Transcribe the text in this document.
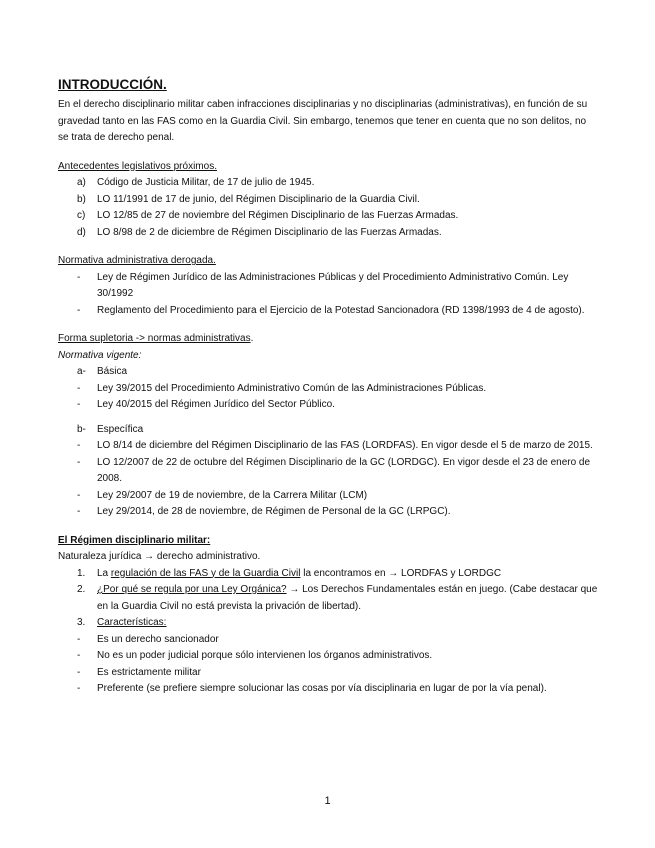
INTRODUCCIÓN.

En el derecho disciplinario militar caben infracciones disciplinarias y no disciplinarias (administrativas), en función de su gravedad tanto en las FAS como en la Guardia Civil. Sin embargo, tenemos que tener en cuenta que no son delitos, no se trata de derecho penal.

Antecedentes legislativos próximos.

a)	Código de Justicia Militar, de 17 de julio de 1945.
b)	LO 11/1991 de 17 de junio, del Régimen Disciplinario de la Guardia Civil.
c)	LO 12/85 de 27 de noviembre del Régimen Disciplinario de las Fuerzas Armadas.
d)	LO 8/98 de 2 de diciembre de Régimen Disciplinario de las Fuerzas Armadas.

Normativa administrativa derogada.

-	Ley de Régimen Jurídico de las Administraciones Públicas y del Procedimiento Administrativo Común. Ley 30/1992
-	Reglamento del Procedimiento para el Ejercicio de la Potestad Sancionadora (RD 1398/1993 de 4 de agosto).

Forma supletoria -> normas administrativas.

Normativa vigente:

a-	Básica
-	Ley 39/2015 del Procedimiento Administrativo Común de las Administraciones Públicas.
-	Ley 40/2015 del Régimen Jurídico del Sector Público.
b-	Específica
-	LO 8/14 de diciembre del Régimen Disciplinario de las FAS (LORDFAS). En vigor desde el 5 de marzo de 2015.
-	LO 12/2007 de 22 de octubre del Régimen Disciplinario de la GC (LORDGC). En vigor desde el 23 de enero de 2008.
-	Ley 29/2007 de 19 de noviembre, de la Carrera Militar (LCM)
-	Ley 29/2014, de 28 de noviembre, de Régimen de Personal de la GC (LRPGC).

El Régimen disciplinario militar:

Naturaleza jurídica → derecho administrativo.

1.	La regulación de las FAS y de la Guardia Civil la encontramos en → LORDFAS y LORDGC
2.	¿Por qué se regula por una Ley Orgánica? → Los Derechos Fundamentales están en juego. (Cabe destacar que en la Guardia Civil no está prevista la privación de libertad).
3.	Características:
-	Es un derecho sancionador
-	No es un poder judicial porque sólo intervienen los órganos administrativos.
-	Es estrictamente militar
-	Preferente (se prefiere siempre solucionar las cosas por vía disciplinaria en lugar de por la vía penal).
1
